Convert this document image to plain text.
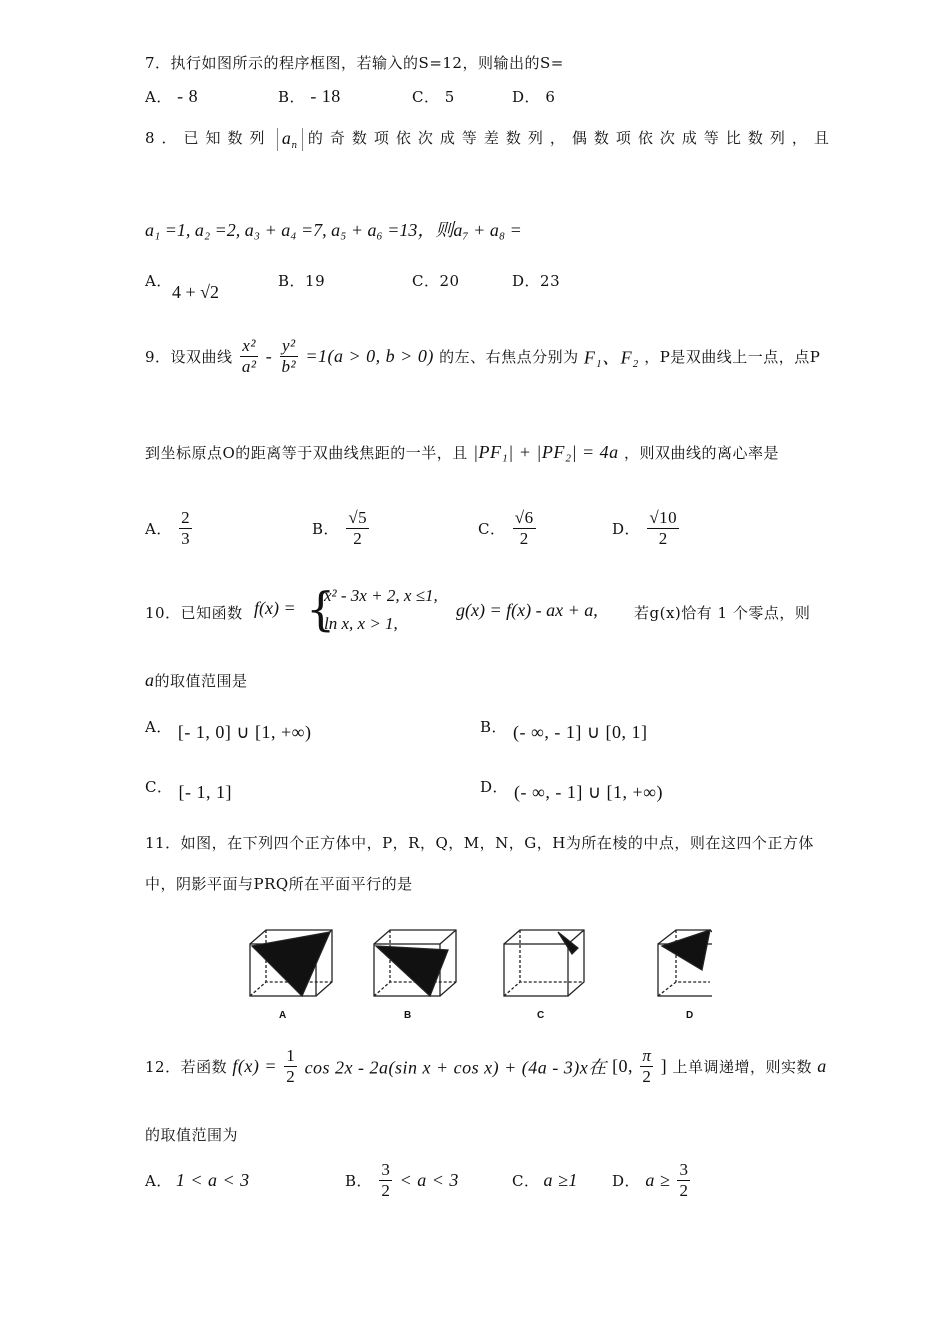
7．执行如图所示的程序框图，若输入的S=12，则输出的S=
A． - 8	B． - 18	C． 5	D． 6
8．已知数列 $a_n$ 的奇数项依次成等差数列，偶数项依次成等比数列，且
a₁ =1, a₂ =2, a₃ + a₄ =7, a₅ + a₆ =13，则a₇ + a₈ =
A．
4 + √2
B．19	C．20	D．23
9．设双曲线 $\frac{\text{x²}}{\text{a²}} - \frac{\text{y²}}{\text{b²}} =1(a > 0$, b > 0) 的左、右焦点分别为 F₁、F₂ ，P是双曲线上一点，点P
到坐标原点O的距离等于双曲线焦距的一半，且 |PF₁| + |PF₂| = 4a ，则双曲线的离心率是
A． $\frac{2}{3}$	B． $\frac{√5}{2}$	C． $\frac{√6}{2}$	D． $\frac{√10}{2}$
10．已知函数 f(x) = {
x² - 3x + 2, x ≤1,
ln x, x > 1,
g(x) = f(x) - ax + a, 若g(x)恰有 1 个零点，则
a的取值范围是
A． [- 1, 0] ∪ [1, +∞)	B． (- ∞, - 1] ∪ [0, 1]
C． [- 1, 1]	D． (- ∞, - 1] ∪ [1, +∞)
11．如图，在下列四个正方体中，P，R，Q，M，N，G，H为所在棱的中点，则在这四个正方体
中，阴影平面与PRQ所在平面平行的是
A	B	C	D
12．若函数 $f(x) = \frac{1}{2}$ cos 2x - 2a(sin x + cos x) + (4a - 3)x在 [0, $\frac{\pi}{2}$ ] 上单调递增，则实数 a
的取值范围为
A． 1 < a < 3	B． $\frac{3}{2} < a < 3$	C． a ≥1 D． $a \ge \frac{3}{2}$
